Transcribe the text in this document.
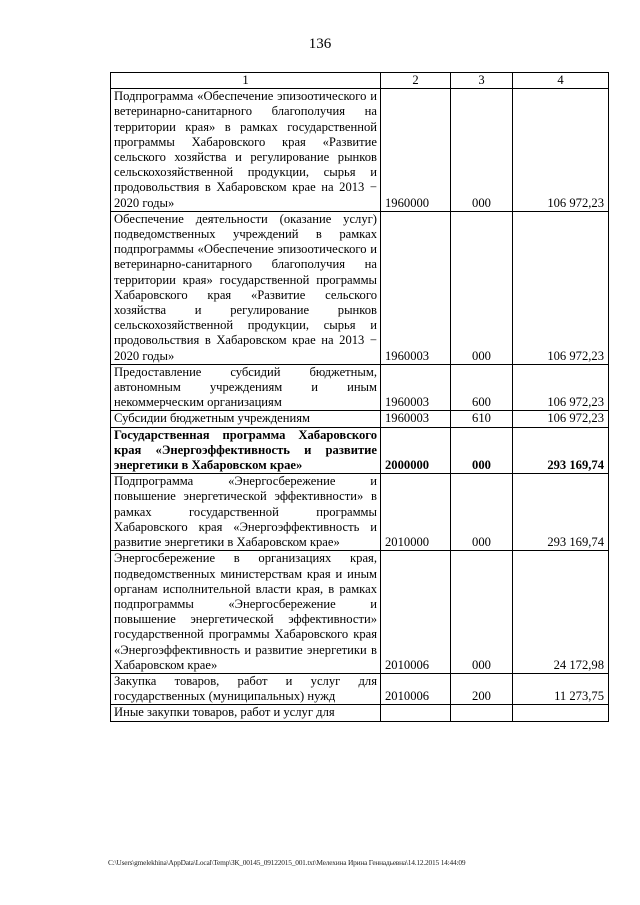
136
1	2	3	4
Подпрограмма «Обеспечение эпизоотического и ветеринарно-санитарного благополучия на территории края» в рамках государственной программы Хабаровского края «Развитие сельского хозяйства и регулирование рынков сельскохозяйственной продукции, сырья и продовольствия в Хабаровском крае на 2013 − 2020 годы»	1960000	000	106 972,23
Обеспечение деятельности (оказание услуг) подведомственных учреждений в рамках подпрограммы «Обеспечение эпизоотического и ветеринарно-санитарного благополучия на территории края» государственной программы Хабаровского края «Развитие сельского хозяйства и регулирование рынков сельскохозяйственной продукции, сырья и продовольствия в Хабаровском крае на 2013 − 2020 годы»	1960003	000	106 972,23
Предоставление субсидий бюджетным, автономным учреждениям и иным некоммерческим организациям	1960003	600	106 972,23
Субсидии бюджетным учреждениям	1960003	610	106 972,23
Государственная программа Хабаровского края «Энергоэффективность и развитие энергетики в Хабаровском крае»	2000000	000	293 169,74
Подпрограмма «Энергосбережение и повышение энергетической эффективности» в рамках государственной программы Хабаровского края «Энергоэффективность и развитие энергетики в Хабаровском крае»	2010000	000	293 169,74
Энергосбережение в организациях края, подведомственных министерствам края и иным органам исполнительной власти края, в рамках подпрограммы «Энергосбережение и повышение энергетической эффективности» государственной программы Хабаровского края «Энергоэффективность и развитие энергетики в Хабаровском крае»	2010006	000	24 172,98
Закупка товаров, работ и услуг для государственных (муниципальных) нужд	2010006	200	11 273,75
Иные закупки товаров, работ и услуг для			
C:\Users\gmelekhina\AppData\Local\Temp\ЗК_00145_09122015_001.txt\Мелехина Ирина Геннадьевна\14.12.2015 14:44:09
